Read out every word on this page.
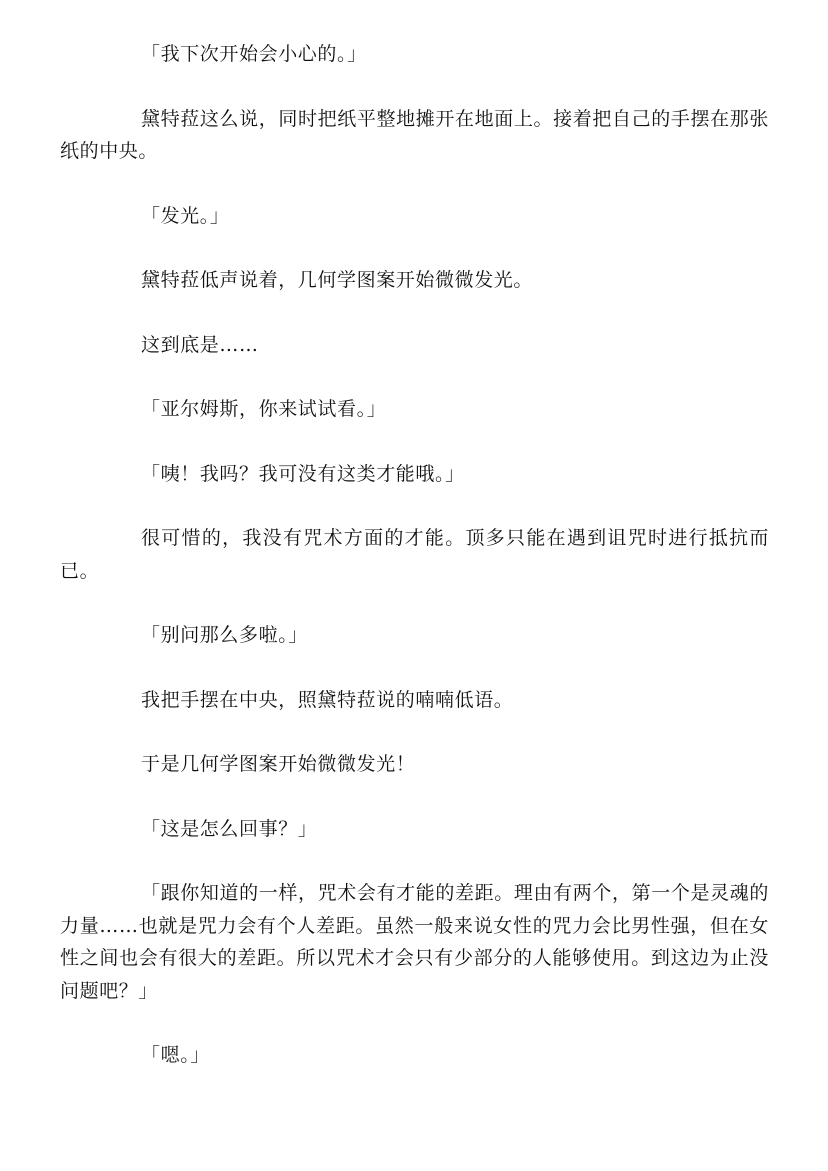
「我下次开始会小心的。」

黛特菈这么说，同时把纸平整地摊开在地面上。接着把自己的手摆在那张纸的中央。

「发光。」

黛特菈低声说着，几何学图案开始微微发光。

这到底是……

「亚尔姆斯，你来试试看。」

「咦！我吗？我可没有这类才能哦。」

很可惜的，我没有咒术方面的才能。顶多只能在遇到诅咒时进行抵抗而已。

「别问那么多啦。」

我把手摆在中央，照黛特菈说的喃喃低语。

于是几何学图案开始微微发光！

「这是怎么回事？」

「跟你知道的一样，咒术会有才能的差距。理由有两个，第一个是灵魂的力量……也就是咒力会有个人差距。虽然一般来说女性的咒力会比男性强，但在女性之间也会有很大的差距。所以咒术才会只有少部分的人能够使用。到这边为止没问题吧？」

「嗯。」
